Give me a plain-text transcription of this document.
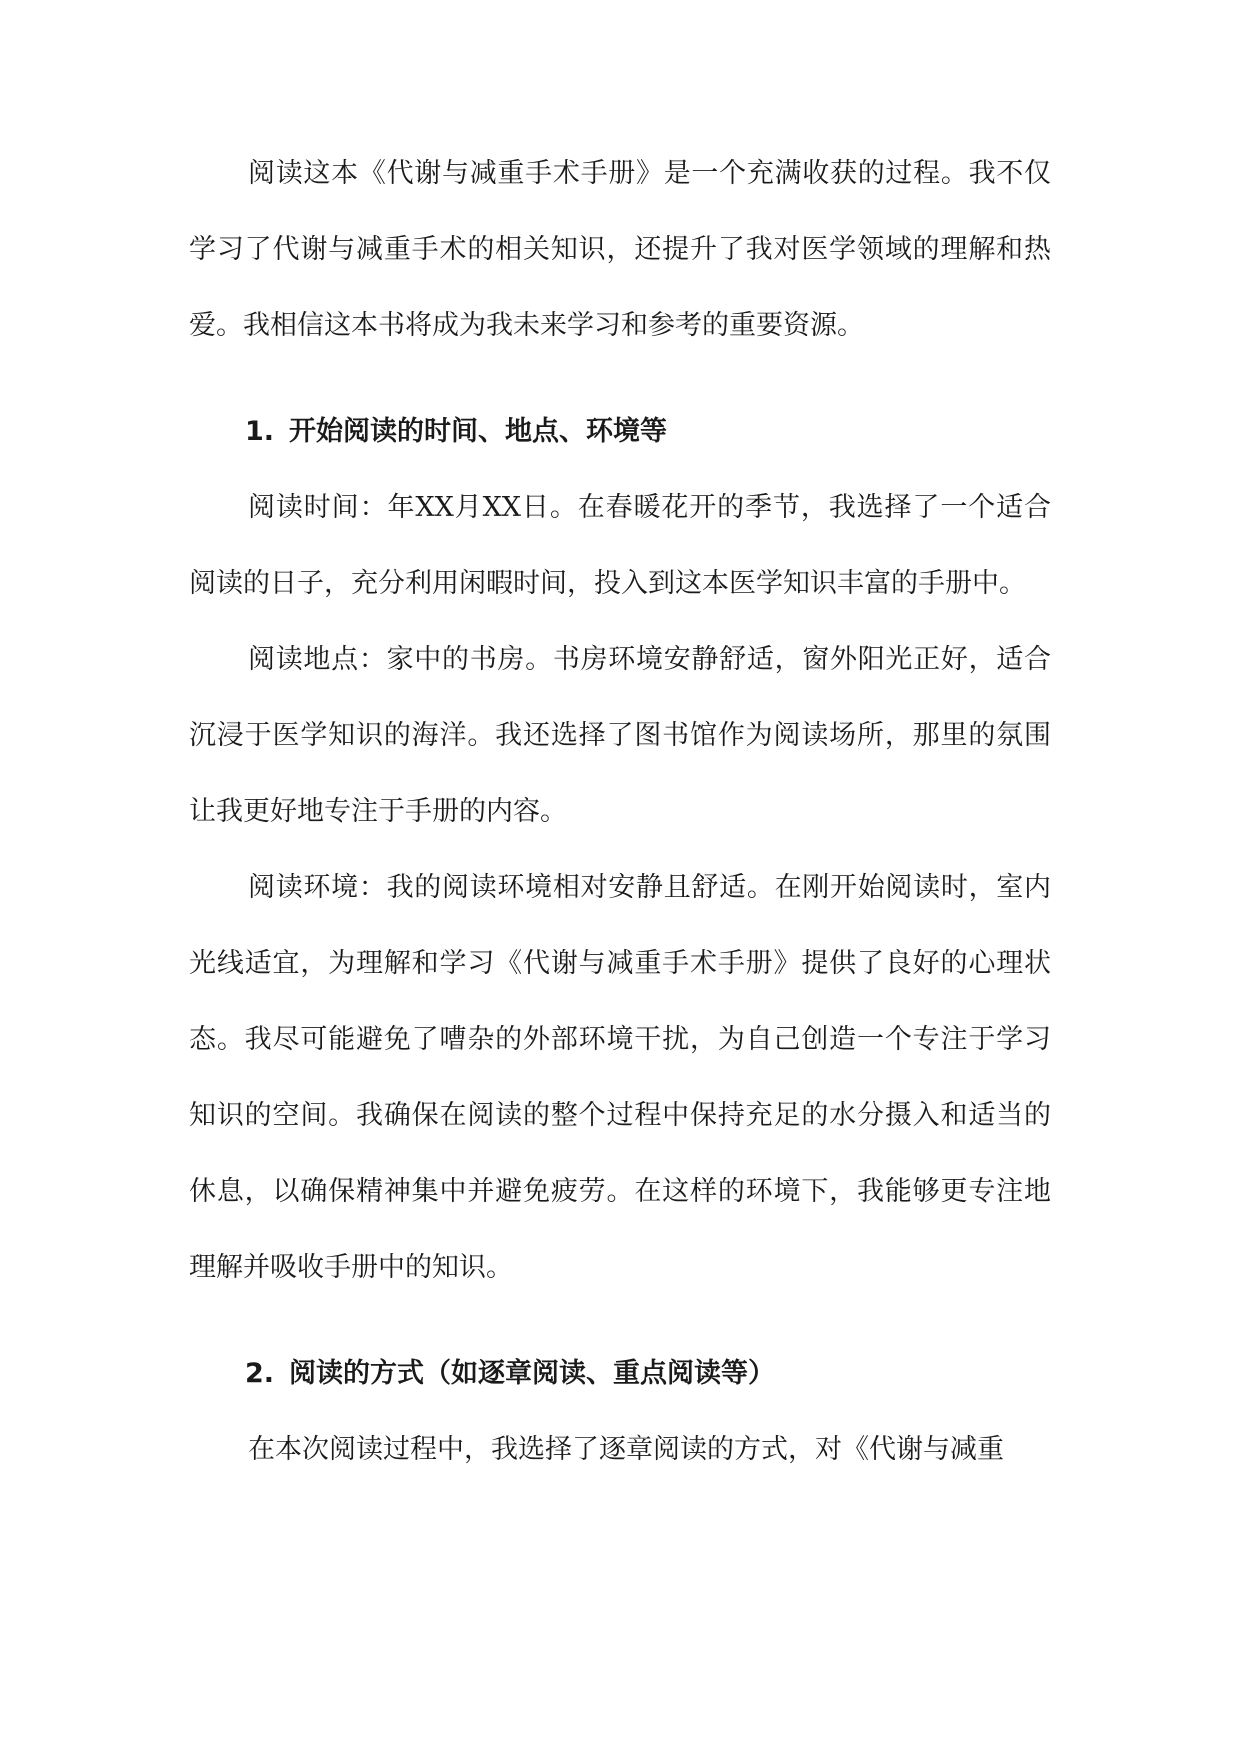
阅读这本《代谢与减重手术手册》是一个充满收获的过程。我不仅学习了代谢与减重手术的相关知识，还提升了我对医学领域的理解和热爱。我相信这本书将成为我未来学习和参考的重要资源。

1. 开始阅读的时间、地点、环境等

阅读时间：年XX月XX日。在春暖花开的季节，我选择了一个适合阅读的日子，充分利用闲暇时间，投入到这本医学知识丰富的手册中。

阅读地点：家中的书房。书房环境安静舒适，窗外阳光正好，适合沉浸于医学知识的海洋。我还选择了图书馆作为阅读场所，那里的氛围让我更好地专注于手册的内容。

阅读环境：我的阅读环境相对安静且舒适。在刚开始阅读时，室内光线适宜，为理解和学习《代谢与减重手术手册》提供了良好的心理状态。我尽可能避免了嘈杂的外部环境干扰，为自己创造一个专注于学习知识的空间。我确保在阅读的整个过程中保持充足的水分摄入和适当的休息，以确保精神集中并避免疲劳。在这样的环境下，我能够更专注地理解并吸收手册中的知识。

2. 阅读的方式（如逐章阅读、重点阅读等）

在本次阅读过程中，我选择了逐章阅读的方式，对《代谢与减重
